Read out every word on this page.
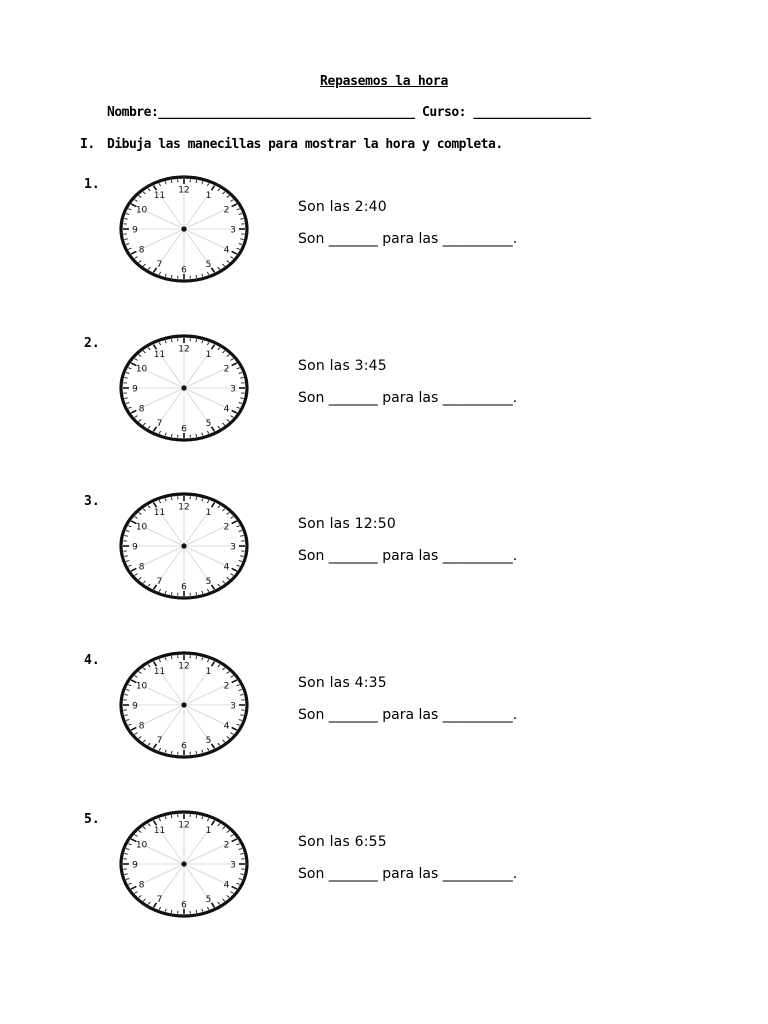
Repasemos la hora
Nombre:___________________________________ Curso: ________________
I. Dibuja las manecillas para mostrar la hora y completa.
1.	12
1
2
3
4
5
6
7
8
9
10
11
Son las 2:40
Son _______ para las __________.
2.	12
1
2
3
4
5
6
7
8
9
10
11
Son las 3:45
Son _______ para las __________.
3.	12
1
2
3
4
5
6
7
8
9
10
11
Son las 12:50
Son _______ para las __________.
4.	12
1
2
3
4
5
6
7
8
9
10
11
Son las 4:35
Son _______ para las __________.
5.	12
1
2
3
4
5
6
7
8
9
10
11
Son las 6:55
Son _______ para las __________.
